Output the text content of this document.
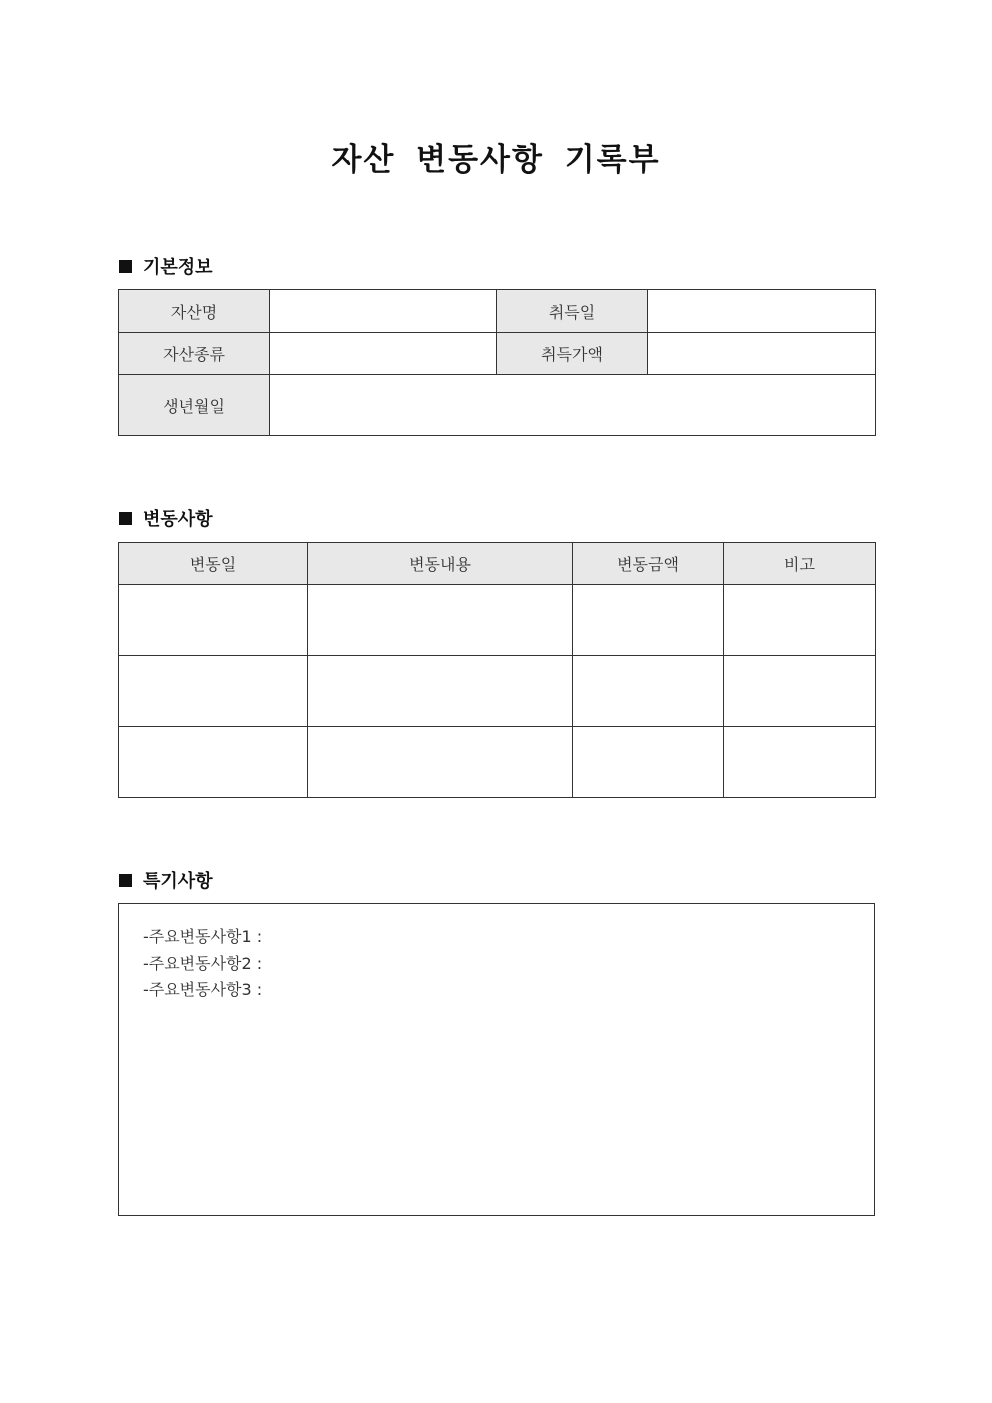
자산 변동사항 기록부
기본정보
자산명		취득일	
자산종류		취득가액	
생년월일			
변동사항
변동일	변동내용	변동금액	비고

특기사항
-주요변동사항1 :
-주요변동사항2 :
-주요변동사항3 :
